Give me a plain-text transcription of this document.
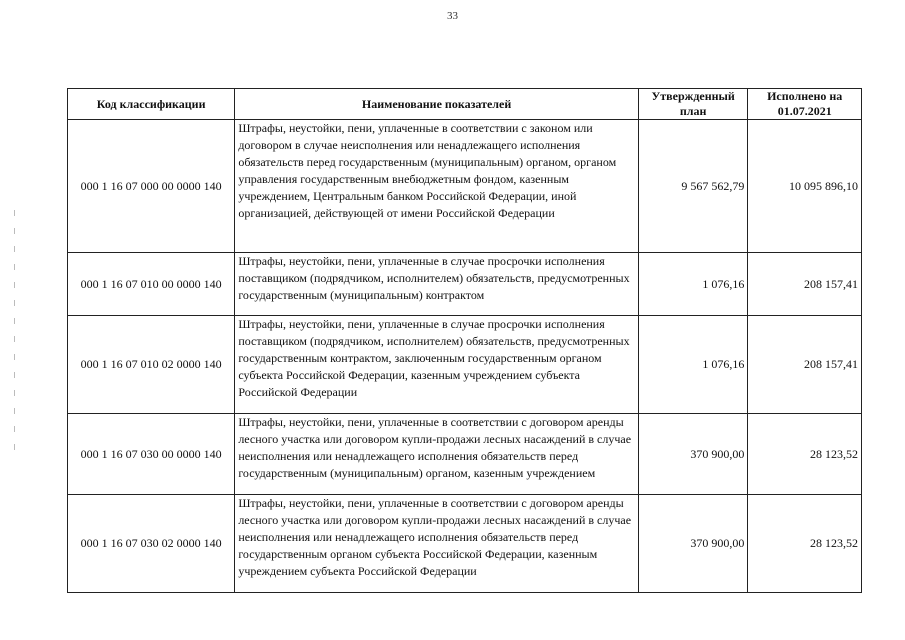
33
Код классификации	Наименование показателей	Утвержденный план	Исполнено на 01.07.2021
000 1 16 07 000 00 0000 140	Штрафы, неустойки, пени, уплаченные в соответствии с законом или договором в случае неисполнения или ненадлежащего исполнения обязательств перед государственным (муниципальным) органом, органом управления государственным внебюджетным фондом, казенным учреждением, Центральным банком Российской Федерации, иной организацией, действующей от имени Российской Федерации	9 567 562,79	10 095 896,10
000 1 16 07 010 00 0000 140	Штрафы, неустойки, пени, уплаченные в случае просрочки исполнения поставщиком (подрядчиком, исполнителем) обязательств, предусмотренных государственным (муниципальным) контрактом	1 076,16	208 157,41
000 1 16 07 010 02 0000 140	Штрафы, неустойки, пени, уплаченные в случае просрочки исполнения поставщиком (подрядчиком, исполнителем) обязательств, предусмотренных государственным контрактом, заключенным государственным органом субъекта Российской Федерации, казенным учреждением субъекта Российской Федерации	1 076,16	208 157,41
000 1 16 07 030 00 0000 140	Штрафы, неустойки, пени, уплаченные в соответствии с договором аренды лесного участка или договором купли-продажи лесных насаждений в случае неисполнения или ненадлежащего исполнения обязательств перед государственным (муниципальным) органом, казенным учреждением	370 900,00	28 123,52
000 1 16 07 030 02 0000 140	Штрафы, неустойки, пени, уплаченные в соответствии с договором аренды лесного участка или договором купли-продажи лесных насаждений в случае неисполнения или ненадлежащего исполнения обязательств перед государственным органом субъекта Российской Федерации, казенным учреждением субъекта Российской Федерации	370 900,00	28 123,52
